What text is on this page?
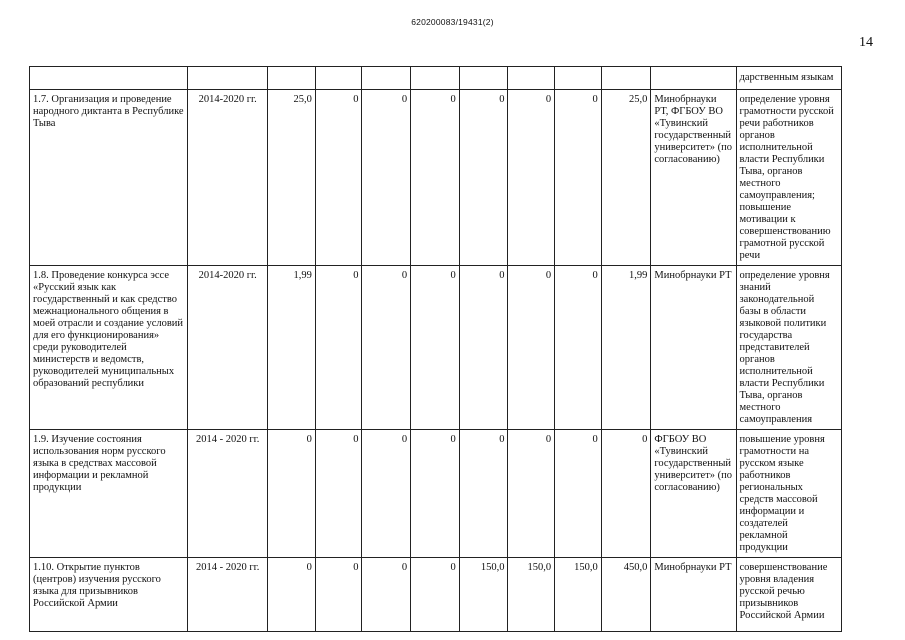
620200083/19431(2)
14
											дарственным языкам
1.7. Организация и проведение народного диктанта в Республике Тыва	2014-2020 гг.	25,0	0	0	0	0	0	0	25,0	Минобрнауки РТ, ФГБОУ ВО «Тувинский государственный университет» (по согласованию)	определение уровня грамотности русской речи работников органов исполнительной власти Республики Тыва, органов местного самоуправления; повышение мотивации к совершенствованию грамотной русской речи
1.8. Проведение конкурса эссе «Русский язык как государственный и как средство межнационального общения в моей отрасли и создание условий для его функционирования» среди руководителей министерств и ведомств, руководителей муниципальных образований республики	2014-2020 гг.	1,99	0	0	0	0	0	0	1,99	Минобрнауки РТ	определение уровня знаний законодательной базы в области языковой политики государства представителей органов исполнительной власти Республики Тыва, органов местного самоуправления
1.9. Изучение состояния использования норм русского языка в средствах массовой информации и рекламной продукции	2014 - 2020 гг.	0	0	0	0	0	0	0	0	ФГБОУ ВО «Тувинский государственный университет» (по согласованию)	повышение уровня грамотности на русском языке работников региональных средств массовой информации и создателей рекламной продукции
1.10. Открытие пунктов (центров) изучения русского языка для призывников Российской Армии	2014 - 2020 гг.	0	0	0	0	150,0	150,0	150,0	450,0	Минобрнауки РТ	совершенствование уровня владения русской речью призывников Российской Армии
